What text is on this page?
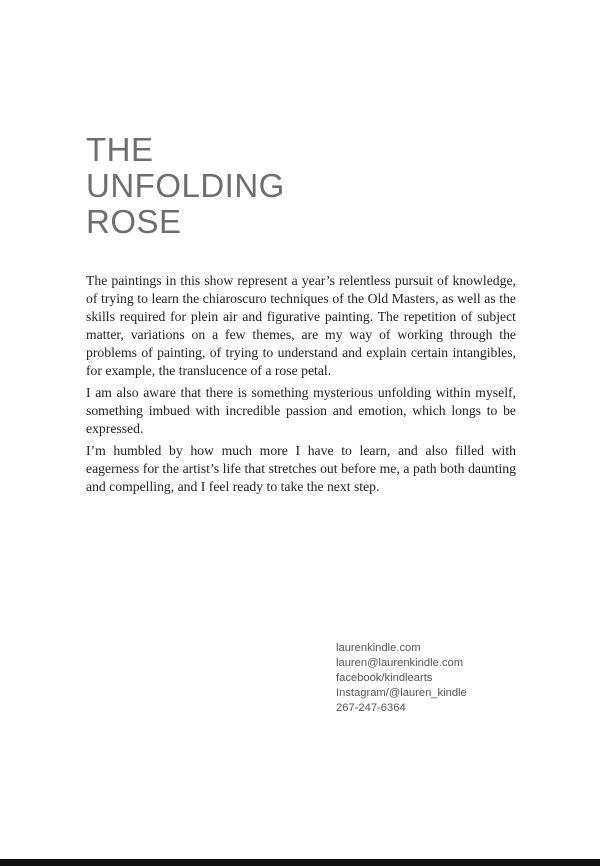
THE
UNFOLDING
ROSE

The paintings in this show represent a year’s relentless pursuit of knowledge, of trying to learn the chiaroscuro techniques of the Old Masters, as well as the skills required for plein air and figurative painting. The repetition of subject matter, variations on a few themes, are my way of working through the problems of painting, of trying to understand and explain certain intangibles, for example, the translucence of a rose petal.

I am also aware that there is something mysterious unfolding within myself, something imbued with incredible passion and emotion, which longs to be expressed.

I’m humbled by how much more I have to learn, and also filled with eagerness for the artist’s life that stretches out before me, a path both daunting and compelling, and I feel ready to take the next step.

laurenkindle.com
lauren@laurenkindle.com
facebook/kindlearts
Instagram/@lauren_kindle
267-247-6364
